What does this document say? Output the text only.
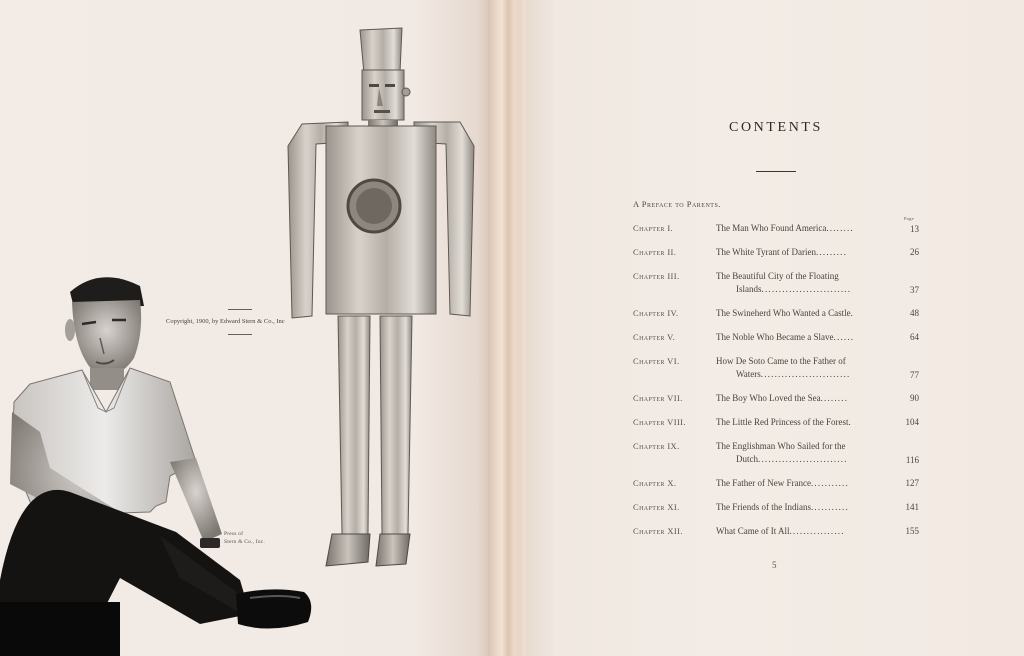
Copyright, 1900, by Edward Stern & Co., Inc
Press of
Stern & Co., Inc.
CONTENTS
A Preface to Parents.
Page
Chapter I.	The Man Who Found America........	13
Chapter II.	The White Tyrant of Darien.........	26
Chapter III.	The Beautiful City of the Floating
Islands..........................	37
Chapter IV.	The Swineherd Who Wanted a Castle.	48
Chapter V.	The Noble Who Became a Slave......	64
Chapter VI.	How De Soto Came to the Father of
Waters..........................	77
Chapter VII.	The Boy Who Loved the Sea........	90
Chapter VIII.	The Little Red Princess of the Forest.	104
Chapter IX.	The Englishman Who Sailed for the
Dutch..........................	116
Chapter X.	The Father of New France...........	127
Chapter XI.	The Friends of the Indians...........	141
Chapter XII.	What Came of It All................	155
5
